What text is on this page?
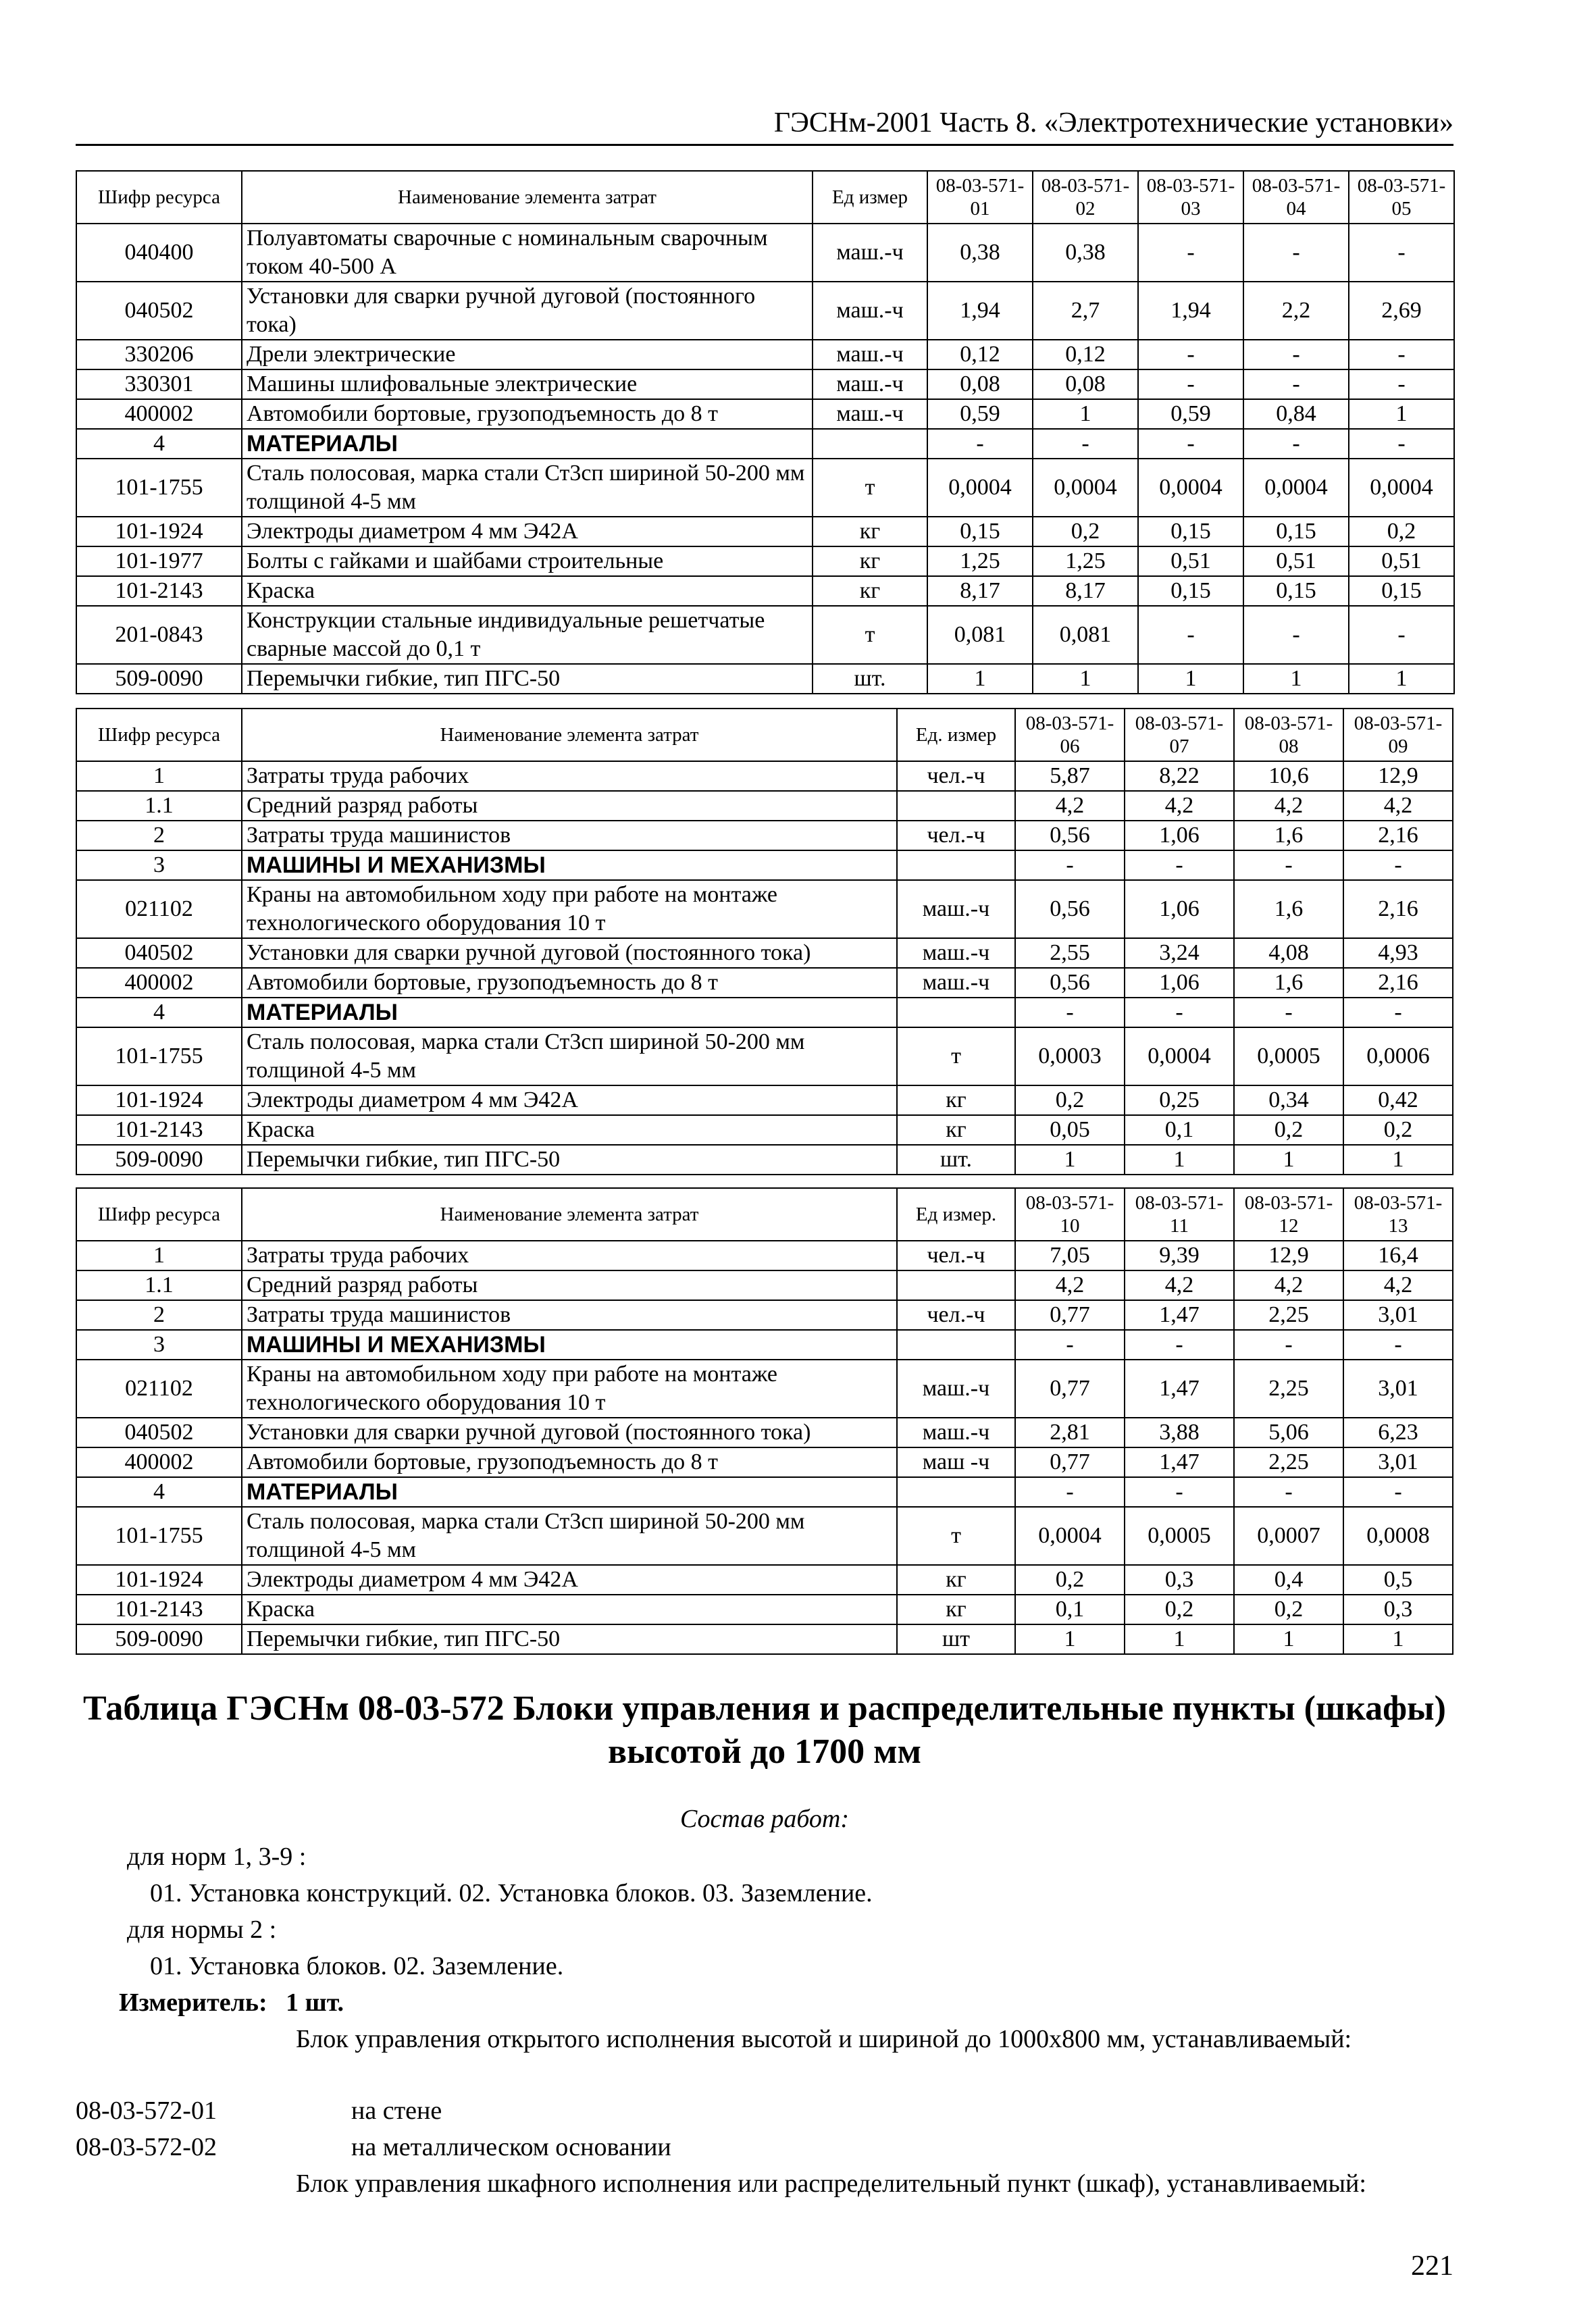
ГЭСНм-2001 Часть 8. «Электротехнические установки»
Шифр ресурса	Наименование элемента затрат	Ед измер	08-03-571-01	08-03-571-02	08-03-571-03	08-03-571-04	08-03-571-05
040400	Полуавтоматы сварочные с номинальным сварочным током 40-500 А	маш.-ч	0,38	0,38	-	-	-
040502	Установки для сварки ручной дуговой (постоянного тока)	маш.-ч	1,94	2,7	1,94	2,2	2,69
330206	Дрели электрические	маш.-ч	0,12	0,12	-	-	-
330301	Машины шлифовальные электрические	маш.-ч	0,08	0,08	-	-	-
400002	Автомобили бортовые, грузоподъемность до 8 т	маш.-ч	0,59	1	0,59	0,84	1
4	МАТЕРИАЛЫ		-	-	-	-	-
101-1755	Сталь полосовая, марка стали Ст3сп шириной 50-200 мм толщиной 4-5 мм	т	0,0004	0,0004	0,0004	0,0004	0,0004
101-1924	Электроды диаметром 4 мм Э42А	кг	0,15	0,2	0,15	0,15	0,2
101-1977	Болты с гайками и шайбами строительные	кг	1,25	1,25	0,51	0,51	0,51
101-2143	Краска	кг	8,17	8,17	0,15	0,15	0,15
201-0843	Конструкции стальные индивидуальные решетчатые сварные массой до 0,1 т	т	0,081	0,081	-	-	-
509-0090	Перемычки гибкие, тип ПГС-50	шт.	1	1	1	1	1
Шифр ресурса	Наименование элемента затрат	Ед. измер	08-03-571-06	08-03-571-07	08-03-571-08	08-03-571-09
1	Затраты труда рабочих	чел.-ч	5,87	8,22	10,6	12,9
1.1	Средний разряд работы		4,2	4,2	4,2	4,2
2	Затраты труда машинистов	чел.-ч	0,56	1,06	1,6	2,16
3	МАШИНЫ И МЕХАНИЗМЫ		-	-	-	-
021102	Краны на автомобильном ходу при работе на монтаже технологического оборудования 10 т	маш.-ч	0,56	1,06	1,6	2,16
040502	Установки для сварки ручной дуговой (постоянного тока)	маш.-ч	2,55	3,24	4,08	4,93
400002	Автомобили бортовые, грузоподъемность до 8 т	маш.-ч	0,56	1,06	1,6	2,16
4	МАТЕРИАЛЫ		-	-	-	-
101-1755	Сталь полосовая, марка стали Ст3сп шириной 50-200 мм толщиной 4-5 мм	т	0,0003	0,0004	0,0005	0,0006
101-1924	Электроды диаметром 4 мм Э42А	кг	0,2	0,25	0,34	0,42
101-2143	Краска	кг	0,05	0,1	0,2	0,2
509-0090	Перемычки гибкие, тип ПГС-50	шт.	1	1	1	1
Шифр ресурса	Наименование элемента затрат	Ед измер.	08-03-571-10	08-03-571-11	08-03-571-12	08-03-571-13
1	Затраты труда рабочих	чел.-ч	7,05	9,39	12,9	16,4
1.1	Средний разряд работы		4,2	4,2	4,2	4,2
2	Затраты труда машинистов	чел.-ч	0,77	1,47	2,25	3,01
3	МАШИНЫ И МЕХАНИЗМЫ		-	-	-	-
021102	Краны на автомобильном ходу при работе на монтаже технологического оборудования 10 т	маш.-ч	0,77	1,47	2,25	3,01
040502	Установки для сварки ручной дуговой (постоянного тока)	маш.-ч	2,81	3,88	5,06	6,23
400002	Автомобили бортовые, грузоподъемность до 8 т	маш -ч	0,77	1,47	2,25	3,01
4	МАТЕРИАЛЫ		-	-	-	-
101-1755	Сталь полосовая, марка стали Ст3сп шириной 50-200 мм толщиной 4-5 мм	т	0,0004	0,0005	0,0007	0,0008
101-1924	Электроды диаметром 4 мм Э42А	кг	0,2	0,3	0,4	0,5
101-2143	Краска	кг	0,1	0,2	0,2	0,3
509-0090	Перемычки гибкие, тип ПГС-50	шт	1	1	1	1
Таблица ГЭСНм 08-03-572 Блоки управления и распределительные пункты (шкафы) высотой до 1700 мм
Состав работ:
для норм 1, 3-9 :
01. Установка конструкций. 02. Установка блоков. 03. Заземление.
для нормы 2 :
01. Установка блоков. 02. Заземление.
Измеритель: 1 шт.
Блок управления открытого исполнения высотой и шириной до 1000х800 мм, устанавливаемый:
08-03-572-01	на стене
08-03-572-02	на металлическом основании
Блок управления шкафного исполнения или распределительный пункт (шкаф), устанавливаемый:
221
